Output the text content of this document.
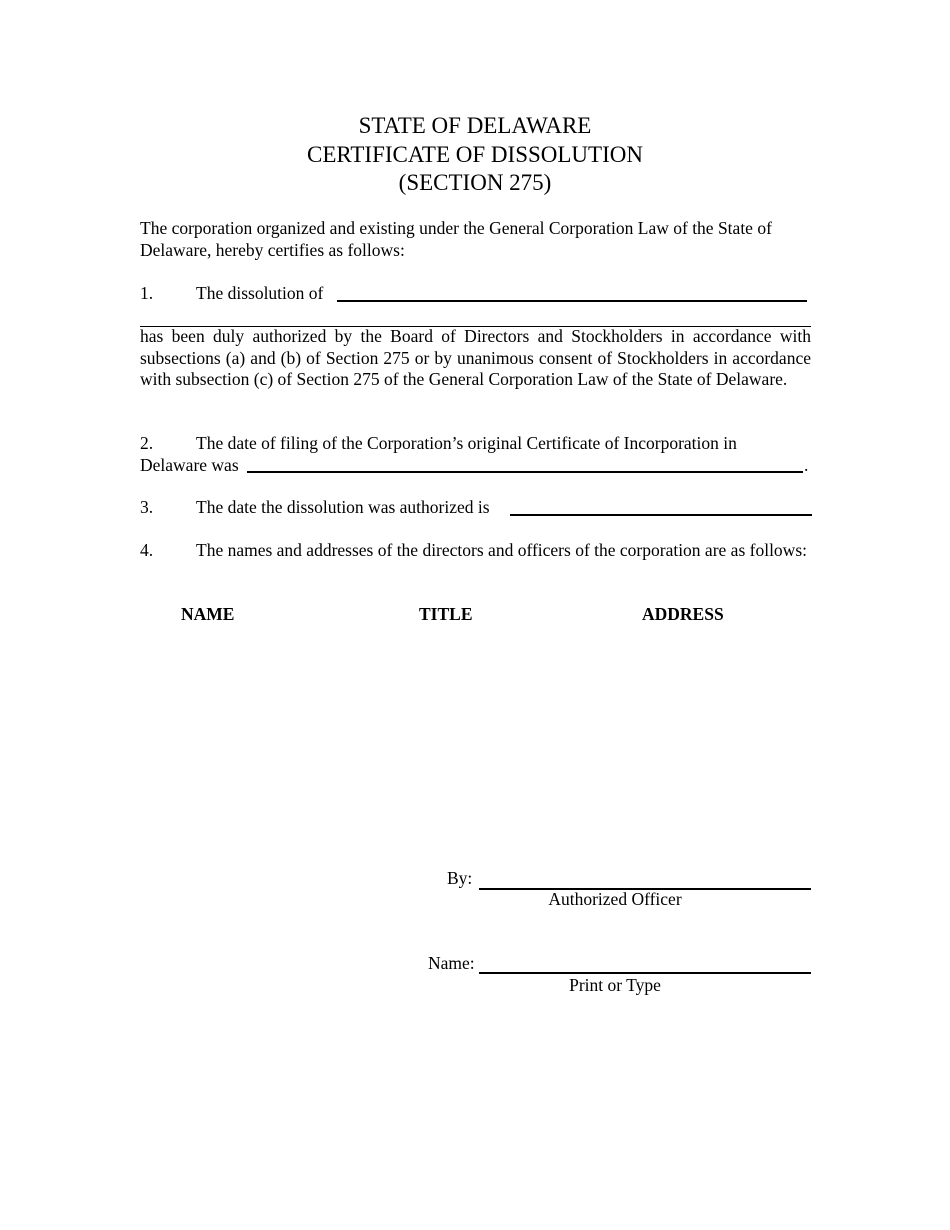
STATE OF DELAWARE
CERTIFICATE OF DISSOLUTION
(SECTION 275)
The corporation organized and existing under the General Corporation Law of the State of Delaware, hereby certifies as follows:
1. The dissolution of
has been duly authorized by the Board of Directors and Stockholders in accordance with subsections (a) and (b) of Section 275 or by unanimous consent of Stockholders in accordance with subsection (c) of Section 275 of the General Corporation Law of the State of Delaware.
2. The date of filing of the Corporation’s original Certificate of Incorporation in
Delaware was	.
3. The date the dissolution was authorized is
4. The names and addresses of the directors and officers of the corporation are as follows:
NAME	TITLE	ADDRESS
By:
Authorized Officer
Name:
Print or Type
